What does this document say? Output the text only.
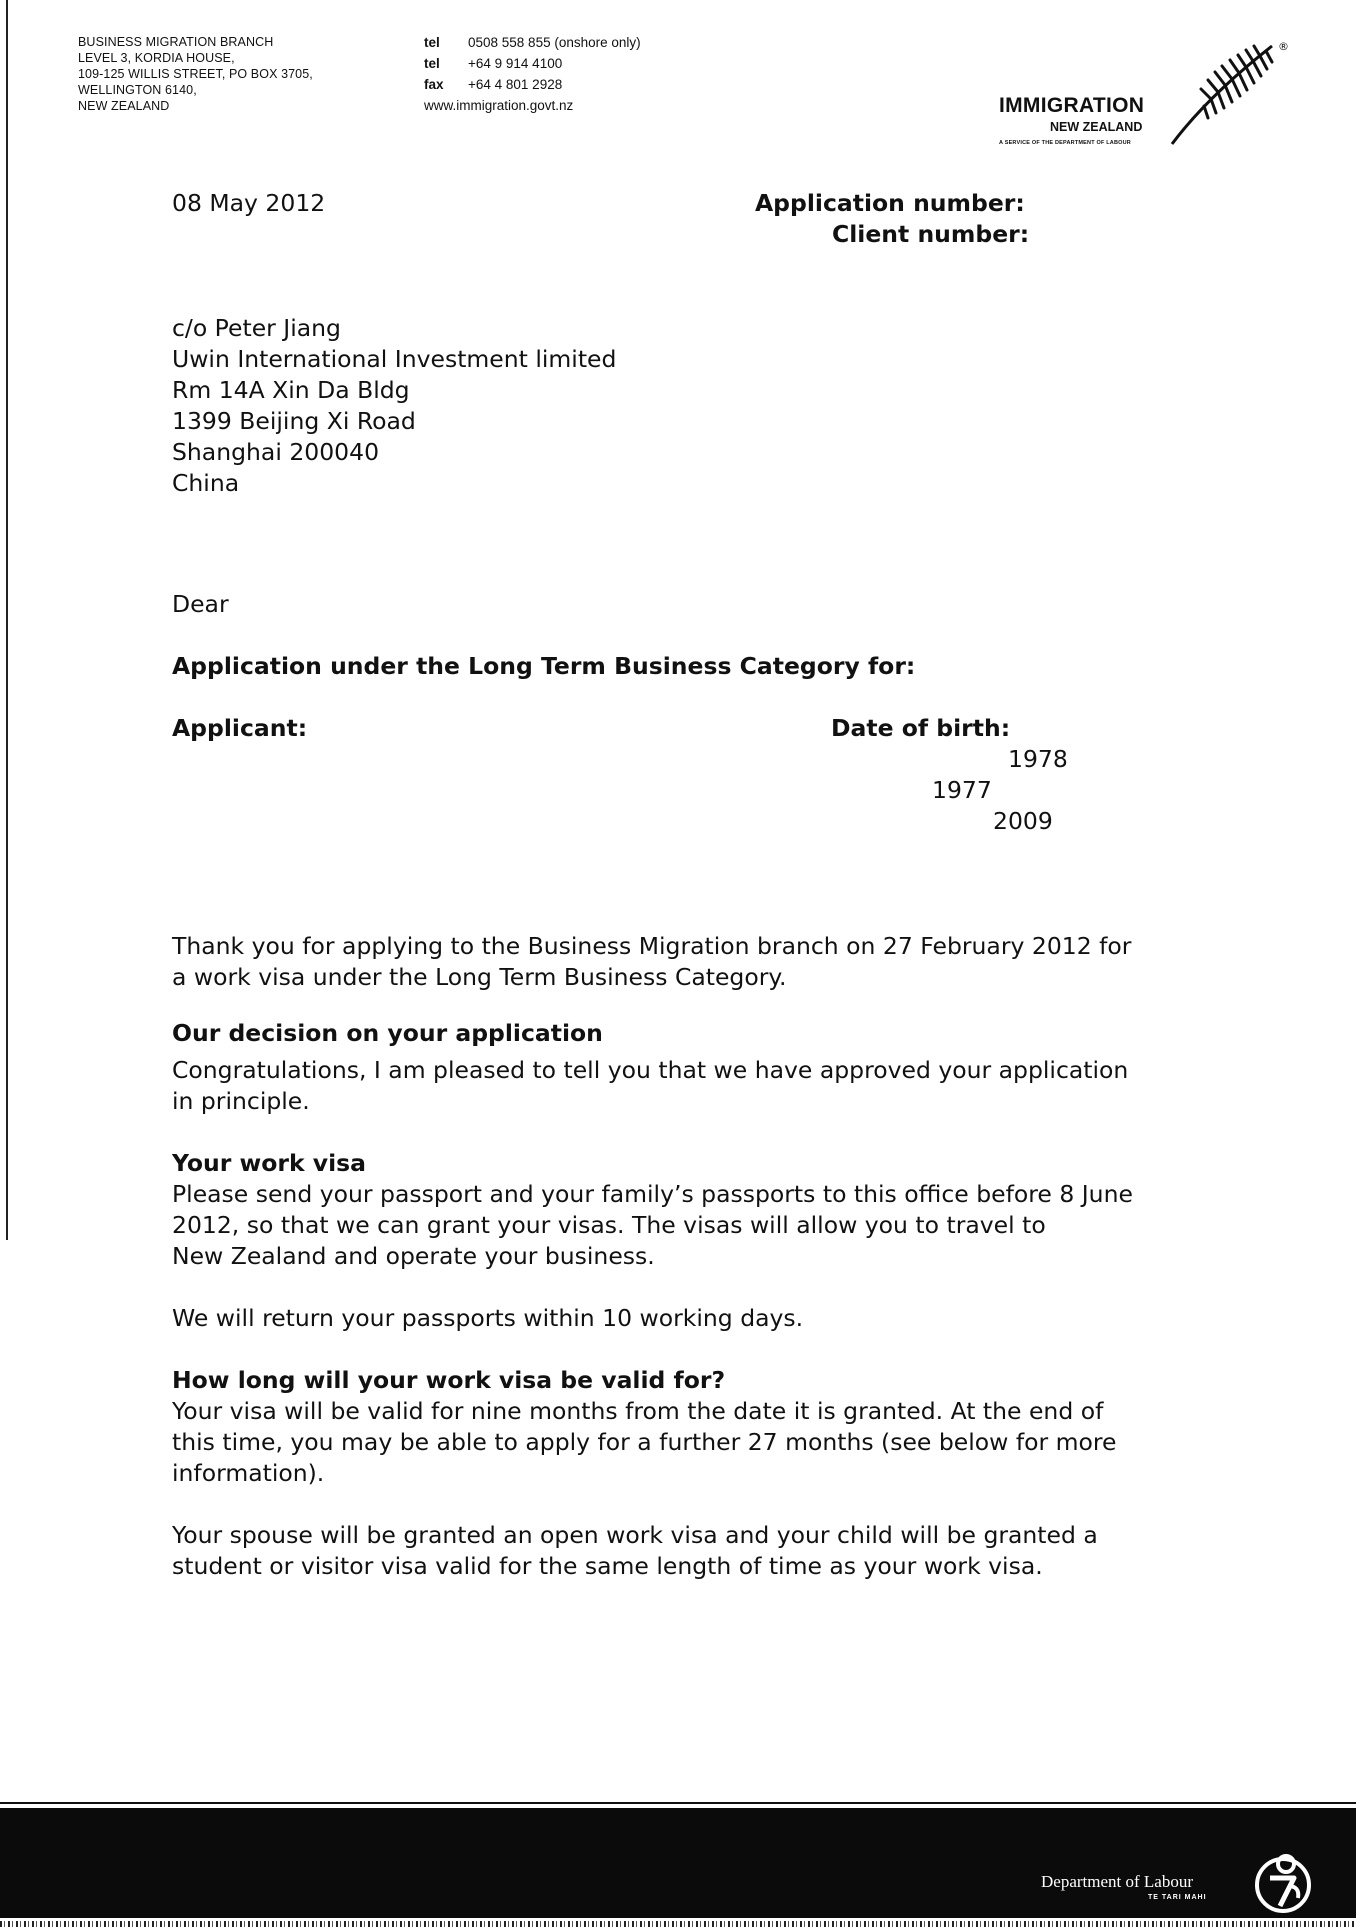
BUSINESS MIGRATION BRANCH
LEVEL 3, KORDIA HOUSE,
109-125 WILLIS STREET, PO BOX 3705,
WELLINGTON 6140,
NEW ZEALAND
tel 0508 558 855 (onshore only)
tel +64 9 914 4100
fax +64 4 801 2928
www.immigration.govt.nz	IMMIGRATION
NEW ZEALAND
A SERVICE OF THE DEPARTMENT OF LABOUR
®
08 May 2012	Application number:
Client number:
c/o Peter Jiang
Uwin International Investment limited
Rm 14A Xin Da Bldg
1399 Beijing Xi Road
Shanghai 200040
China
Dear
Application under the Long Term Business Category for:
Applicant:	Date of birth:
1978
1977
2009
Thank you for applying to the Business Migration branch on 27 February 2012 for
a work visa under the Long Term Business Category.
Our decision on your application
Congratulations, I am pleased to tell you that we have approved your application
in principle.
Your work visa
Please send your passport and your family’s passports to this office before 8 June
2012, so that we can grant your visas. The visas will allow you to travel to
New Zealand and operate your business.
We will return your passports within 10 working days.
How long will your work visa be valid for?
Your visa will be valid for nine months from the date it is granted. At the end of
this time, you may be able to apply for a further 27 months (see below for more
information).
Your spouse will be granted an open work visa and your child will be granted a
student or visitor visa valid for the same length of time as your work visa.
Department of Labour
TE TARI MAHI
